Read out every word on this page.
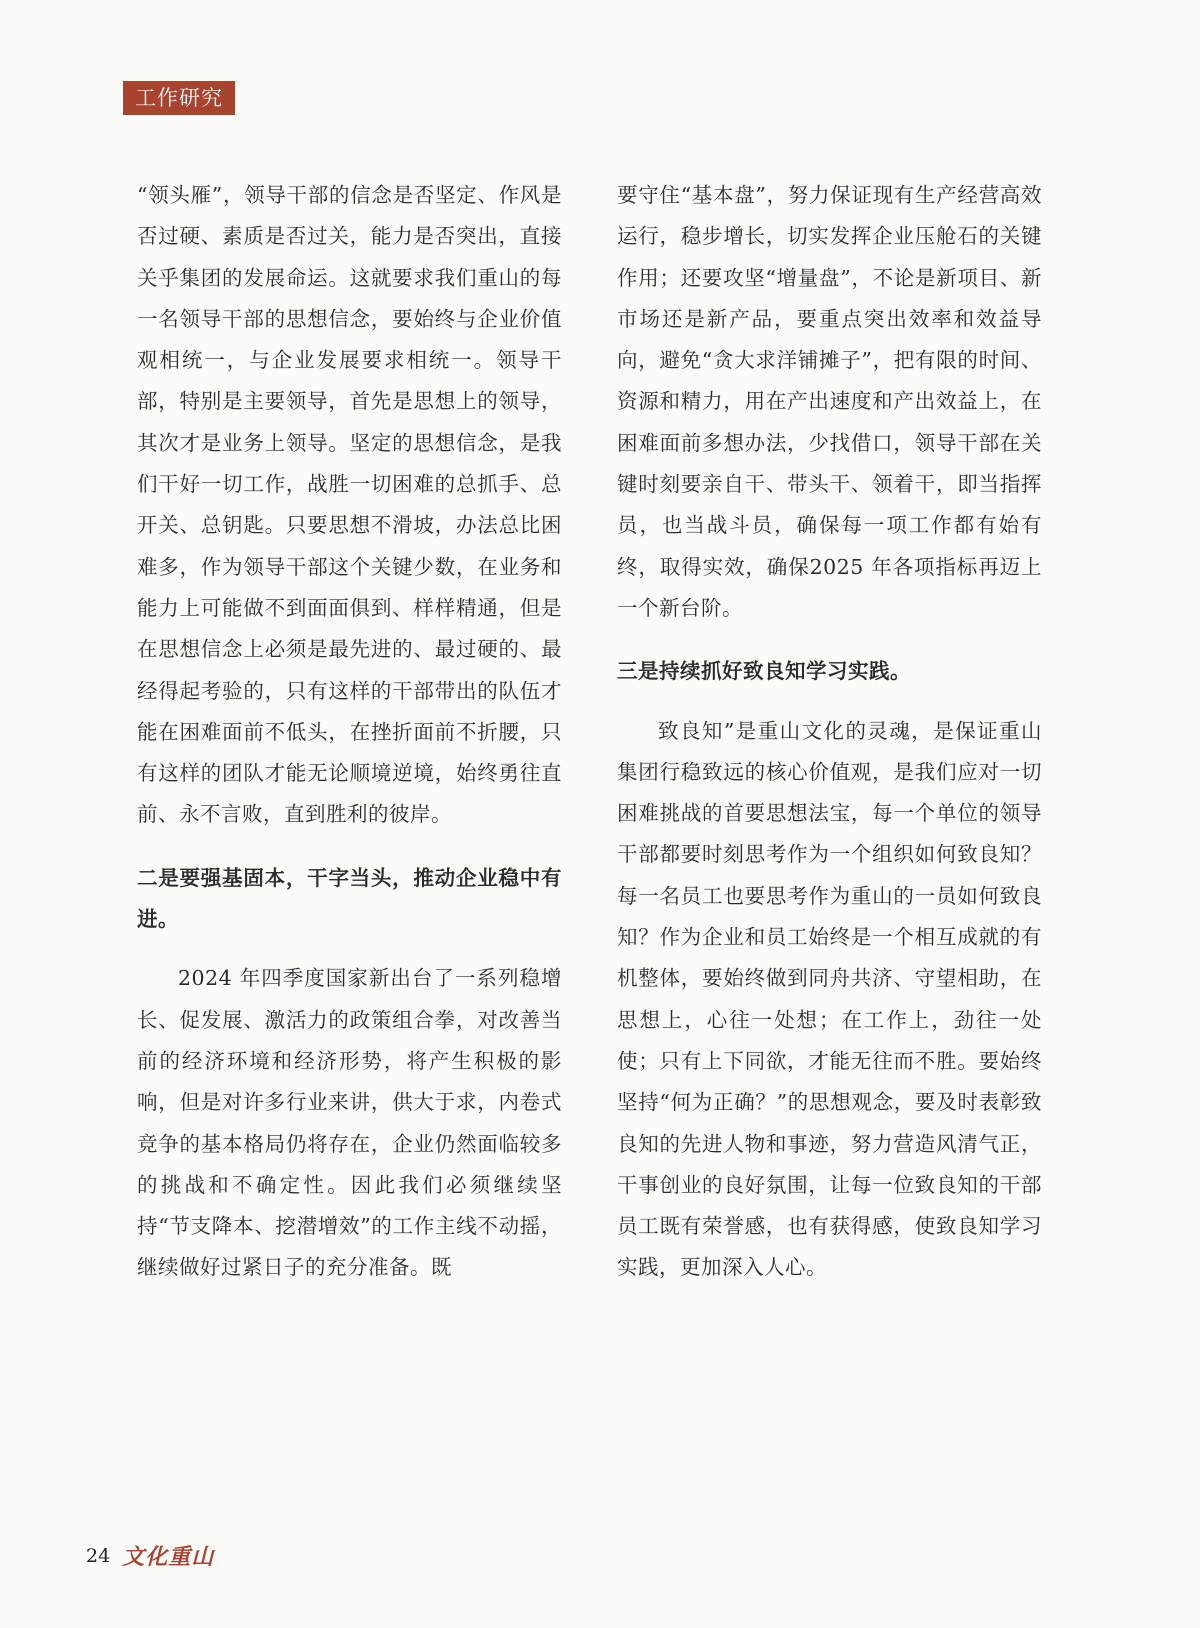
工作研究

“领头雁”，领导干部的信念是否坚定、作风是否过硬、素质是否过关，能力是否突出，直接关乎集团的发展命运。这就要求我们重山的每一名领导干部的思想信念，要始终与企业价值观相统一，与企业发展要求相统一。领导干部，特别是主要领导，首先是思想上的领导，其次才是业务上领导。坚定的思想信念，是我们干好一切工作，战胜一切困难的总抓手、总开关、总钥匙。只要思想不滑坡，办法总比困难多，作为领导干部这个关键少数，在业务和能力上可能做不到面面俱到、样样精通，但是在思想信念上必须是最先进的、最过硬的、最经得起考验的，只有这样的干部带出的队伍才能在困难面前不低头，在挫折面前不折腰，只有这样的团队才能无论顺境逆境，始终勇往直前、永不言败，直到胜利的彼岸。

二是要强基固本，干字当头，推动企业稳中有进。

2024 年四季度国家新出台了一系列稳增长、促发展、激活力的政策组合拳，对改善当前的经济环境和经济形势，将产生积极的影响，但是对许多行业来讲，供大于求，内卷式竞争的基本格局仍将存在，企业仍然面临较多的挑战和不确定性。因此我们必须继续坚持“节支降本、挖潜增效”的工作主线不动摇，继续做好过紧日子的充分准备。既

要守住“基本盘”，努力保证现有生产经营高效运行，稳步增长，切实发挥企业压舱石的关键作用；还要攻坚“增量盘”，不论是新项目、新市场还是新产品，要重点突出效率和效益导向，避免“贪大求洋铺摊子”，把有限的时间、资源和精力，用在产出速度和产出效益上，在困难面前多想办法，少找借口，领导干部在关键时刻要亲自干、带头干、领着干，即当指挥员，也当战斗员，确保每一项工作都有始有终，取得实效，确保2025 年各项指标再迈上一个新台阶。

三是持续抓好致良知学习实践。

致良知”是重山文化的灵魂，是保证重山集团行稳致远的核心价值观，是我们应对一切困难挑战的首要思想法宝，每一个单位的领导干部都要时刻思考作为一个组织如何致良知？每一名员工也要思考作为重山的一员如何致良知？作为企业和员工始终是一个相互成就的有机整体，要始终做到同舟共济、守望相助，在思想上，心往一处想；在工作上，劲往一处使；只有上下同欲，才能无往而不胜。要始终坚持“何为正确？”的思想观念，要及时表彰致良知的先进人物和事迹，努力营造风清气正，干事创业的良好氛围，让每一位致良知的干部员工既有荣誉感，也有获得感，使致良知学习实践，更加深入人心。

24 文化重山
